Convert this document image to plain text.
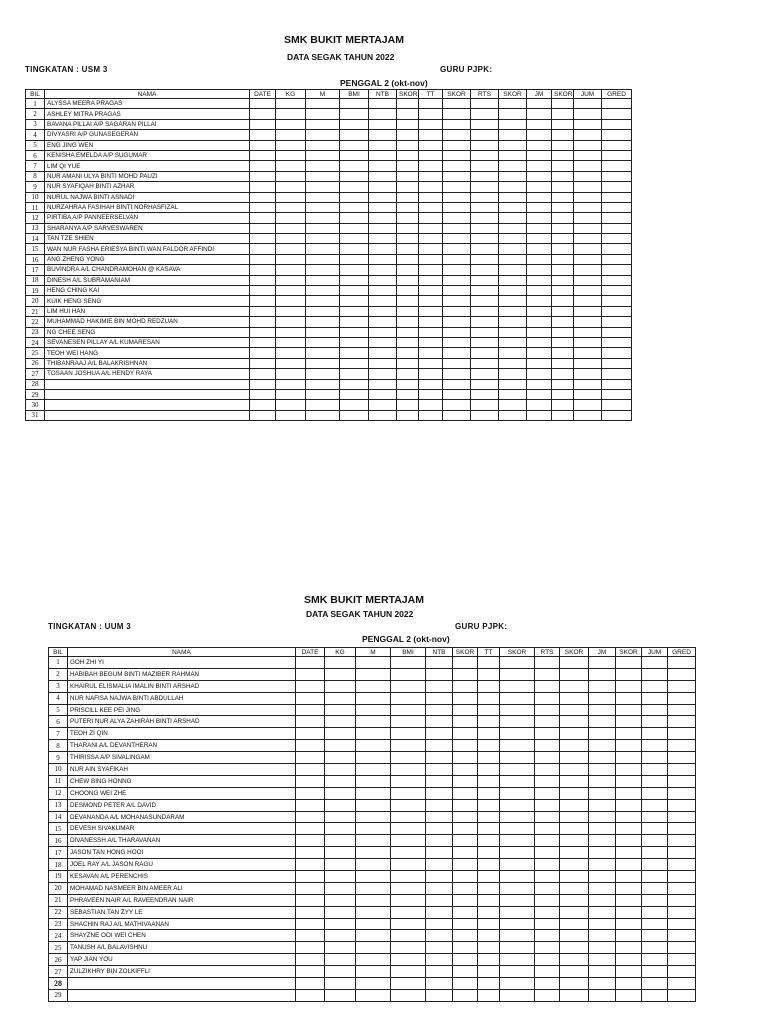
SMK BUKIT MERTAJAM
DATA SEGAK TAHUN 2022
TINGKATAN : USM 3	GURU PJPK:
PENGGAL 2 (okt-nov)
BIL	NAMA	DATE	KG	M	BMI	NTB	SKOR	TT	SKOR	RTS	SKOR	JM	SKOR	JUM	GRED
1	ALYSSA MEERA PRAGAS														
2	ASHLEY MITRA PRAGAS														
3	BAVANA PILLAI A/P SAGARAN PILLAI														
4	DIVYASRI A/P GUNASEGERAN														
5	ENG JING WEN														
6	KENISHA EMELDA A/P SUGUMAR														
7	LIM QI YUE														
8	NUR AMANI ULYA BINTI MOHD PAUZI														
9	NUR SYAFIQAH BINTI AZHAR														
10	NURUL NAJWA BINTI ASNADI														
11	NURZAHRAA FASIHAH BINTI NORHASFIZAL														
12	PIRTIBA A/P PANNEERSELVAN														
13	SHARANYA A/P SARVESWAREN														
14	TAN TZE SHIEN														
15	WAN NUR FASHA ERIESYA BINTI WAN FALDOR AFFINDI														
16	ANG ZHENG YONG														
17	BUVINDRA A/L CHANDRAMOHAN @ KASAVA														
18	DINESH A/L SUBRAMANIAM														
19	HENG CHING KAI														
20	KUIK HENG SENG														
21	LIM HUI HAN														
22	MUHAMMAD HAKIMIE BIN MOHD REDZUAN														
23	NG CHEE SENG														
24	SEVANESEN PILLAY A/L KUMARESAN														
25	TEOH WEI HANG														
26	THIBANRAAJ A/L BALAKRISHNAN														
27	TOSAAN JOSHUA A/L HENDY RAYA														
28															
29															
30															
31															
SMK BUKIT MERTAJAM
DATA SEGAK TAHUN 2022
TINGKATAN : UUM 3	GURU PJPK:
PENGGAL 2 (okt-nov)
BIL	NAMA	DATE	KG	M	BMI	NTB	SKOR	TT	SKOR	RTS	SKOR	JM	SKOR	JUM	GRED
1	GOH ZHI YI														
2	HABIBAH BEGUM BINTI MAZIBER RAHMAN														
3	KHAIRUL ELISMALIA IMALIN BINTI ARSHAD														
4	NUR NAFISA NAJWA BINTI ABDULLAH														
5	PRISCILL KEE PEI JING														
6	PUTERI NUR ALYA ZAHIRAH BINTI ARSHAD														
7	TEOH ZI QIN														
8	THARANI A/L DEVANTHERAN														
9	THIRISSA A/P SIVALINGAM														
10	NUR AIN SYAFIKAH														
11	CHEW BING HONNG														
12	CHOONG WEI ZHE														
13	DESMOND PETER A/L DAVID														
14	DEVANANDA A/L MOHANASUNDARAM														
15	DEVESH SIVAKUMAR														
16	DIVANESSH A/L THARAVANAN														
17	JASON TAN HONG HOOI														
18	JOEL RAY A/L JASON RAGU														
19	KESAVAN A/L PERENCHIS														
20	MOHAMAD NASMEER BIN AMEER ALI														
21	PHRAVEEN NAIR A/L RAVEENDRAN NAIR														
22	SEBASTIAN TAN ZYY LE														
23	SHACHIN RAJ A/L MATHIVAANAN														
24	SHAYZNE OOI WEI CHEN														
25	TANUSH A/L BALAVISHNU														
26	YAP JIAN YOU														
27	ZULZIKHRY BIN ZOLKIFFLI														
28															
29															
